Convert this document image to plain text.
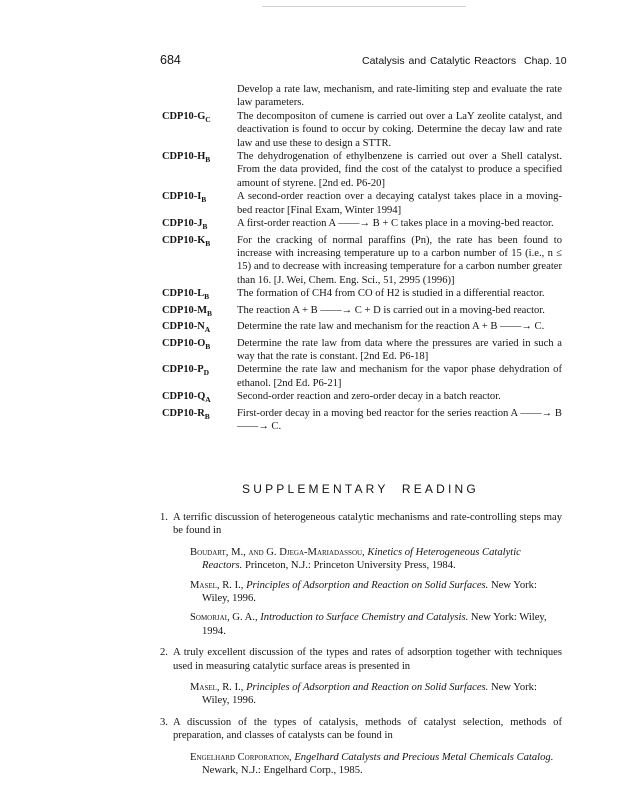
684	Catalysis and Catalytic Reactors Chap. 10
Develop a rate law, mechanism, and rate-limiting step and evaluate the rate law parameters.
$CDP10-G_C$	The decompositon of cumene is carried out over a LaY zeolite catalyst, and deactivation is found to occur by coking. Determine the decay law and rate law and use these to design a STTR.
$CDP10-H_B$	The dehydrogenation of ethylbenzene is carried out over a Shell catalyst. From the data provided, find the cost of the catalyst to produce a specified amount of styrene. [2nd ed. P6-20]
$CDP10-I_B$	A second-order reaction over a decaying catalyst takes place in a moving-bed reactor [Final Exam, Winter 1994]
$CDP10-J_B$	A first-order reaction A ——→ B + C takes place in a moving-bed reactor.
$CDP10-K_B$	For the cracking of normal paraffins (Pn), the rate has been found to increase with increasing temperature up to a carbon number of 15 (i.e., n ≤ 15) and to decrease with increasing temperature for a carbon number greater than 16. [J. Wei, Chem. Eng. Sci., 51, 2995 (1996)]
$CDP10-L_B$	The formation of CH4 from CO of H2 is studied in a differential reactor.
$CDP10-M_B$	The reaction A + B ——→ C + D is carried out in a moving-bed reactor.
$CDP10-N_A$	Determine the rate law and mechanism for the reaction A + B ——→ C.
$CDP10-O_B$	Determine the rate law from data where the pressures are varied in such a way that the rate is constant. [2nd Ed. P6-18]
$CDP10-P_D$	Determine the rate law and mechanism for the vapor phase dehydration of ethanol. [2nd Ed. P6-21]
$CDP10-Q_A$	Second-order reaction and zero-order decay in a batch reactor.
$CDP10-R_B$	First-order decay in a moving bed reactor for the series reaction A ——→ B ——→ C.
SUPPLEMENTARY READING
1. A terrific discussion of heterogeneous catalytic mechanisms and rate-controlling steps may be found in
Boudart, M., and G. Djega-Mariadassou, Kinetics of Heterogeneous Catalytic Reactors. Princeton, N.J.: Princeton University Press, 1984.
Masel, R. I., Principles of Adsorption and Reaction on Solid Surfaces. New York: Wiley, 1996.
Somorjai, G. A., Introduction to Surface Chemistry and Catalysis. New York: Wiley, 1994.
2. A truly excellent discussion of the types and rates of adsorption together with techniques used in measuring catalytic surface areas is presented in
Masel, R. I., Principles of Adsorption and Reaction on Solid Surfaces. New York: Wiley, 1996.
3. A discussion of the types of catalysis, methods of catalyst selection, methods of preparation, and classes of catalysts can be found in
Engelhard Corporation, Engelhard Catalysts and Precious Metal Chemicals Catalog. Newark, N.J.: Engelhard Corp., 1985.
